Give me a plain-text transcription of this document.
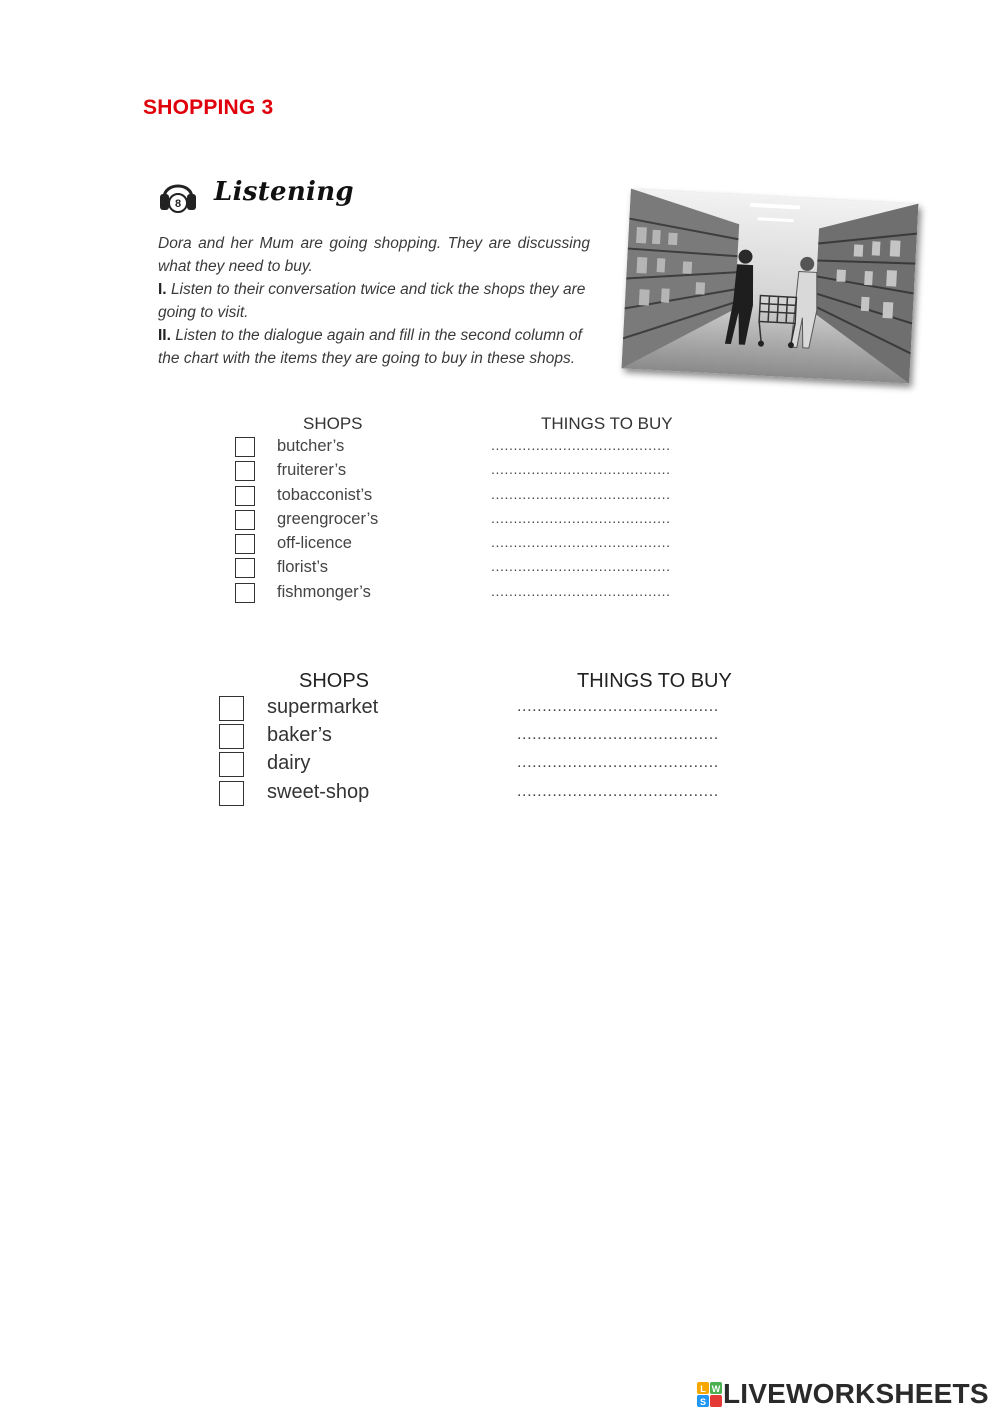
SHOPPING 3
8 Listening

Dora and her Mum are going shopping. They are discussing what they need to buy.

I. Listen to their conversation twice and tick the shops they are going to visit.

II. Listen to the dialogue again and fill in the second column of the chart with the items they are going to buy in these shops.

SHOPS	THINGS TO BUY
butcher’s	........................................
fruiterer’s	........................................
tobacconist’s	........................................
greengrocer’s	........................................
off-licence	........................................
florist’s	........................................
fishmonger’s	........................................
SHOPS	THINGS TO BUY
supermarket	........................................
baker’s	........................................
dairy	........................................
sweet-shop	........................................
L W
S LIVEWORKSHEETS
